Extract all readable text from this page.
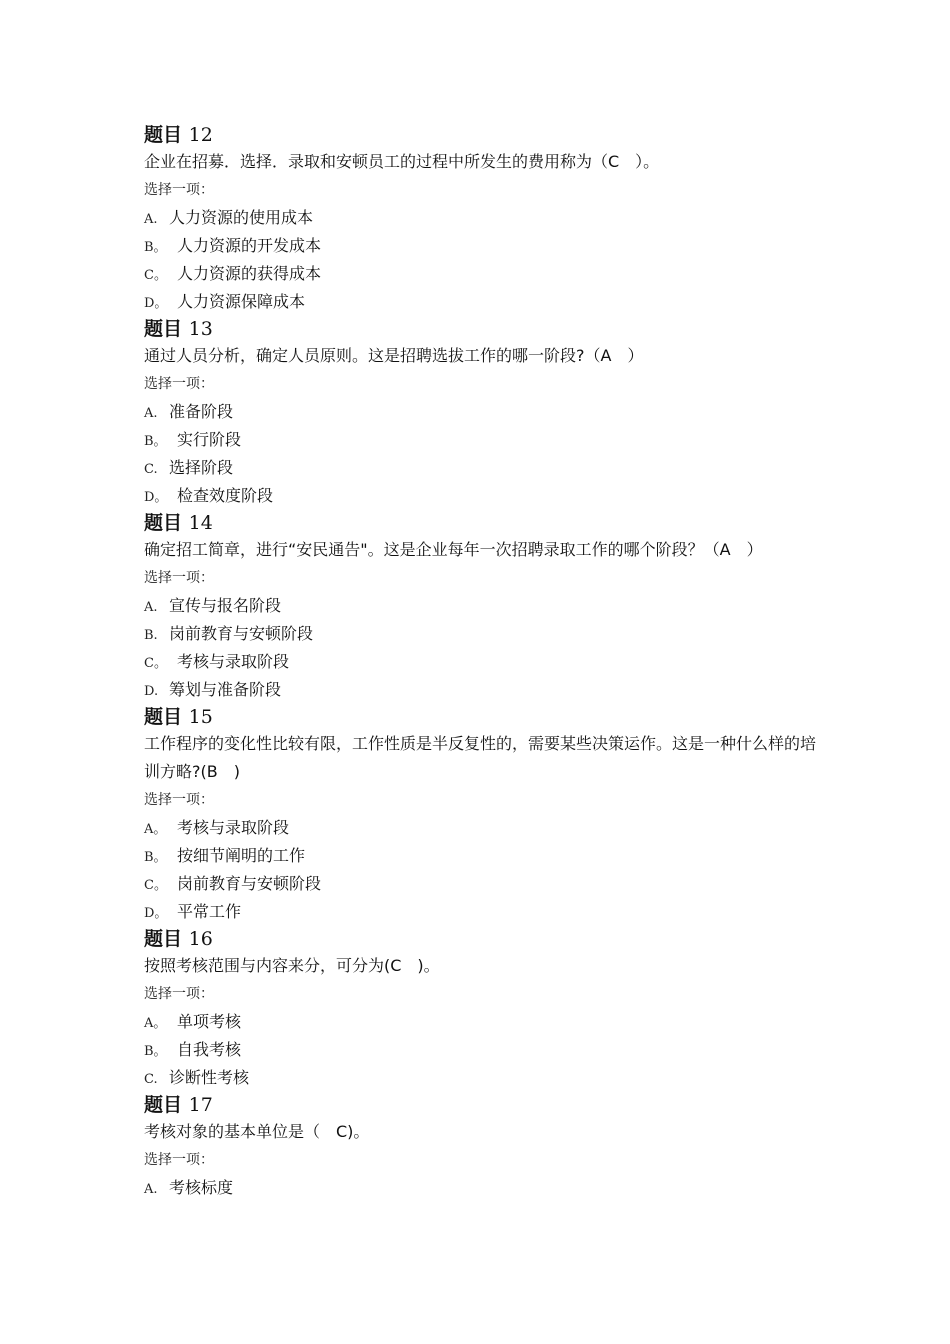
题目 12
企业在招募．选择．录取和安顿员工的过程中所发生的费用称为（C　）。
选择一项：
A. 人力资源的使用成本
B。 人力资源的开发成本
C。 人力资源的获得成本
D。 人力资源保障成本
题目 13
通过人员分析，确定人员原则。这是招聘选拔工作的哪一阶段?（A　）
选择一项：
A. 准备阶段
B。 实行阶段
C. 选择阶段
D。 检查效度阶段
题目 14
确定招工简章，进行“安民通告"。这是企业每年一次招聘录取工作的哪个阶段？（A　）
选择一项：
A. 宣传与报名阶段
B. 岗前教育与安顿阶段
C。 考核与录取阶段
D. 筹划与准备阶段
题目 15
工作程序的变化性比较有限，工作性质是半反复性的，需要某些决策运作。这是一种什么样的培训方略?(B　)
选择一项：
A。 考核与录取阶段
B。 按细节阐明的工作
C。 岗前教育与安顿阶段
D。 平常工作
题目 16
按照考核范围与内容来分，可分为(C　)。
选择一项：
A。 单项考核
B。 自我考核
C. 诊断性考核
题目 17
考核对象的基本单位是（　C)。
选择一项：
A. 考核标度
